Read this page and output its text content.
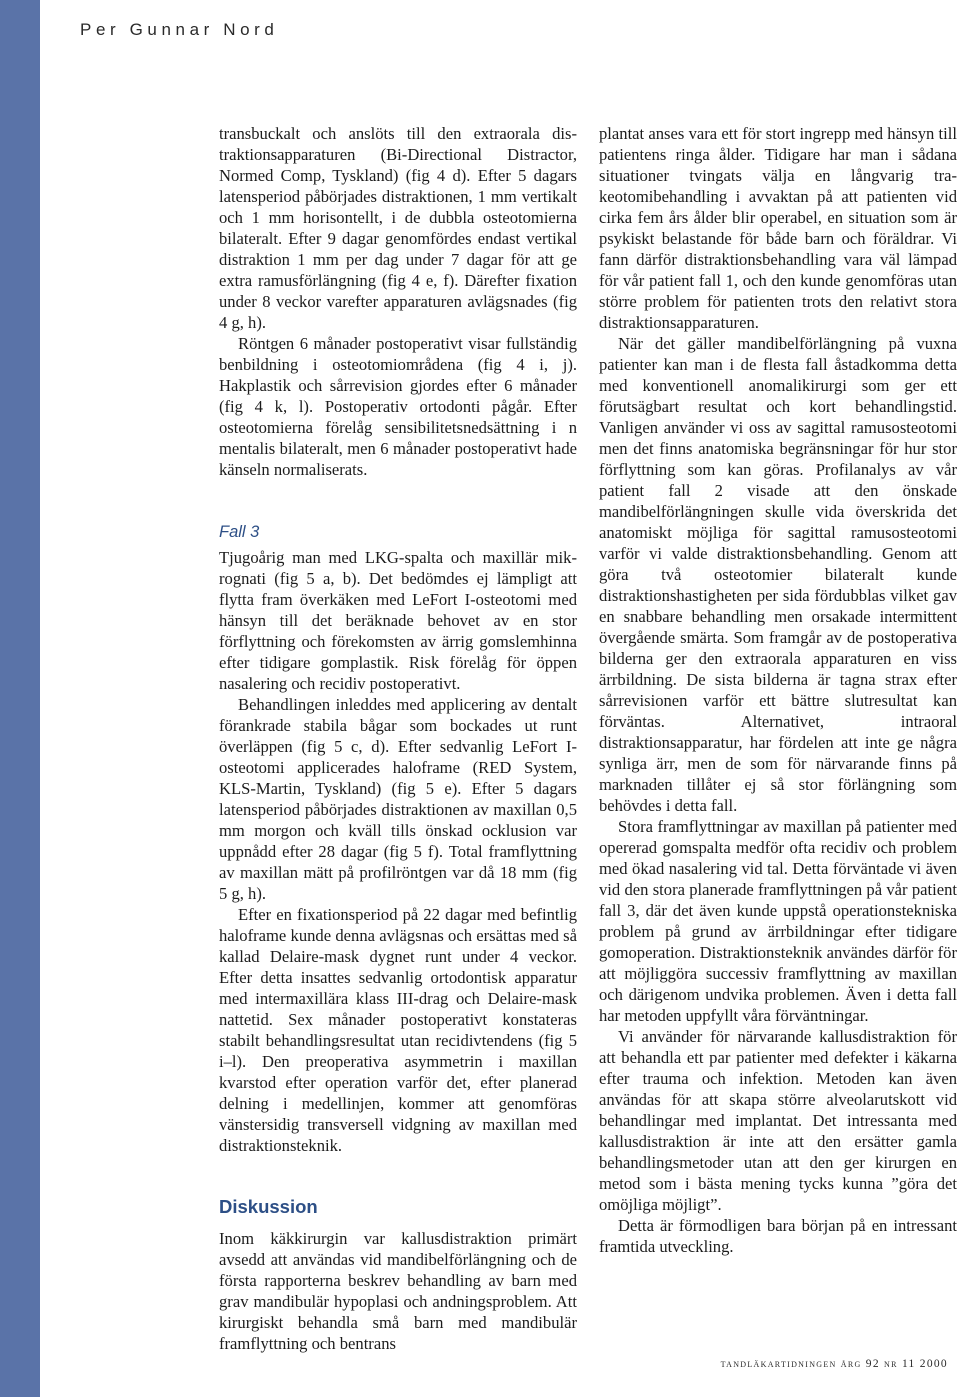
Per Gunnar Nord

transbuckalt och anslöts till den extraorala distraktionsapparaturen (Bi-Directional Distractor, Normed Comp, Tyskland) (fig 4 d). Efter 5 dagars latensperiod påbörjades distraktionen, 1 mm vertikalt och 1 mm horisontellt, i de dubbla osteotomierna bilateralt. Efter 9 dagar genomfördes endast vertikal distraktion 1 mm per dag under 7 dagar för att ge extra ramusförlängning (fig 4 e, f). Därefter fixation under 8 veckor varefter apparaturen avlägsnades (fig 4 g, h).

Röntgen 6 månader postoperativt visar fullständig benbildning i osteotomiområdena (fig 4 i, j). Hakplastik och sårrevision gjordes efter 6 månader (fig 4 k, l). Postoperativ ortodonti pågår. Efter osteotomierna förelåg sensibilitetsnedsättning i n mentalis bilateralt, men 6 månader postoperativt hade känseln normaliserats.

Fall 3

Tjugoårig man med LKG-spalta och maxillär mikrognati (fig 5 a, b). Det bedömdes ej lämpligt att flytta fram överkäken med LeFort I-osteotomi med hänsyn till det beräknade behovet av en stor förflyttning och förekomsten av ärrig gomslemhinna efter tidigare gomplastik. Risk förelåg för öppen nasalering och recidiv postoperativt.

Behandlingen inleddes med applicering av dentalt förankrade stabila bågar som bockades ut runt överläppen (fig 5 c, d). Efter sedvanlig LeFort I-osteotomi applicerades haloframe (RED System, KLS-Martin, Tyskland) (fig 5 e). Efter 5 dagars latensperiod påbörjades distraktionen av maxillan 0,5 mm morgon och kväll tills önskad ocklusion var uppnådd efter 28 dagar (fig 5 f). Total framflyttning av maxillan mätt på profilröntgen var då 18 mm (fig 5 g, h).

Efter en fixationsperiod på 22 dagar med befintlig haloframe kunde denna avlägsnas och ersättas med så kallad Delaire-mask dygnet runt under 4 veckor. Efter detta insattes sedvanlig ortodontisk apparatur med intermaxillära klass III-drag och Delaire-mask nattetid. Sex månader postoperativt konstateras stabilt behandlingsresultat utan recidivtendens (fig 5 i–l). Den preoperativa asymmetrin i maxillan kvarstod efter operation varför det, efter planerad delning i medellinjen, kommer att genomföras vänstersidig transversell vidgning av maxillan med distraktionsteknik.

Diskussion

Inom käkkirurgin var kallusdistraktion primärt avsedd att användas vid mandibelförlängning och de första rapporterna beskrev behandling av barn med grav mandibulär hypoplasi och andningsproblem. Att kirurgiskt behandla små barn med mandibulär framflyttning och bentrans

plantat anses vara ett för stort ingrepp med hänsyn till patientens ringa ålder. Tidigare har man i sådana situationer tvingats välja en långvarig trakeotomibehandling i avvaktan på att patienten vid cirka fem års ålder blir operabel, en situation som är psykiskt belastande för både barn och föräldrar. Vi fann därför distraktionsbehandling vara väl lämpad för vår patient fall 1, och den kunde genomföras utan större problem för patienten trots den relativt stora distraktionsapparaturen.

När det gäller mandibelförlängning på vuxna patienter kan man i de flesta fall åstadkomma detta med konventionell anomalikirurgi som ger ett förutsägbart resultat och kort behandlingstid. Vanligen använder vi oss av sagittal ramusosteotomi men det finns anatomiska begränsningar för hur stor förflyttning som kan göras. Profilanalys av vår patient fall 2 visade att den önskade mandibelförlängningen skulle vida överskrida det anatomiskt möjliga för sagittal ramusosteotomi varför vi valde distraktionsbehandling. Genom att göra två osteotomier bilateralt kunde distraktionshastigheten per sida fördubblas vilket gav en snabbare behandling men orsakade intermittent övergående smärta. Som framgår av de postoperativa bilderna ger den extraorala apparaturen en viss ärrbildning. De sista bilderna är tagna strax efter sårrevisionen varför ett bättre slutresultat kan förväntas. Alternativet, intraoral distraktionsapparatur, har fördelen att inte ge några synliga ärr, men de som för närvarande finns på marknaden tillåter ej så stor förlängning som behövdes i detta fall.

Stora framflyttningar av maxillan på patienter med opererad gomspalta medför ofta recidiv och problem med ökad nasalering vid tal. Detta förväntade vi även vid den stora planerade framflyttningen på vår patient fall 3, där det även kunde uppstå operationstekniska problem på grund av ärrbildningar efter tidigare gomoperation. Distraktionsteknik användes därför för att möjliggöra successiv framflyttning av maxillan och därigenom undvika problemen. Även i detta fall har metoden uppfyllt våra förväntningar.

Vi använder för närvarande kallusdistraktion för att behandla ett par patienter med defekter i käkarna efter trauma och infektion. Metoden kan även användas för att skapa större alveolarutskott vid behandlingar med implantat. Det intressanta med kallusdistraktion är inte att den ersätter gamla behandlingsmetoder utan att den ger kirurgen en metod som i bästa mening tycks kunna ”göra det omöjliga möjligt”.

Detta är förmodligen bara början på en intressant framtida utveckling.

tandläkartidningen årg 92 nr 11 2000
